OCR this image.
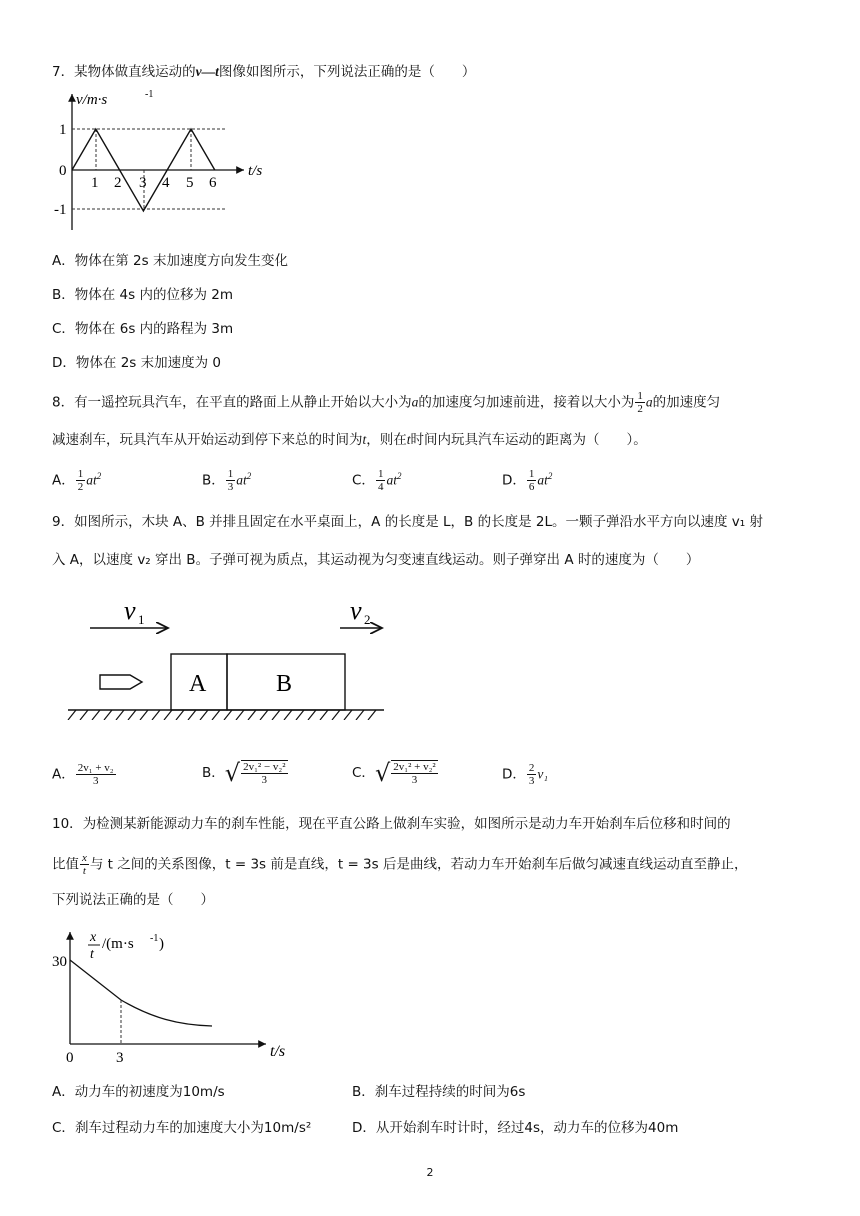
7．某物体做直线运动的v—t图像如图所示，下列说法正确的是（　　）
v/m·s	-1
t/s
1
0
-1
1 2 3 4 5 6
A．物体在第 2s 末加速度方向发生变化
B．物体在 4s 内的位移为 2m
C．物体在 6s 内的路程为 3m
D．物体在 2s 末加速度为 0
8．有一遥控玩具汽车，在平直的路面上从静止开始以大小为a的加速度匀加速前进，接着以大小为 $\frac{1}{2}$ a的加速度匀
减速刹车，玩具汽车从开始运动到停下来总的时间为t，则在t时间内玩具汽车运动的距离为（　　）。
A． $\frac{1}{2} at^2$	B． $\frac{1}{3} at^2$	C． $\frac{1}{4} at^2$	D． $\frac{1}{6} at^2$
9．如图所示，木块 A、B 并排且固定在水平桌面上，A 的长度是 L，B 的长度是 2L。一颗子弹沿水平方向以速度 v₁ 射
入 A，以速度 v₂ 穿出 B。子弹可视为质点，其运动视为匀变速直线运动。则子弹穿出 A 时的速度为（　　）
v 1	v 2
A	B
A． $\frac{\text{2v₁ + v₂}}{3}$	B．√ $\frac{\text{2v₁² − v₂²}}{3}$	C．√ $\frac{\text{2v₁² + v₂²}}{3}$	D． $\frac{2}{3} v_1$
10．为检测某新能源动力车的刹车性能，现在平直公路上做刹车实验，如图所示是动力车开始刹车后位移和时间的
比值 $\frac{x}{t}$ 与 t 之间的关系图像，t = 3s 前是直线，t = 3s 后是曲线，若动力车开始刹车后做匀减速直线运动直至静止，
下列说法正确的是（　　）
x
t
/(m·s -1 )
30
0	3	t/s
A．动力车的初速度为10m/s	B．刹车过程持续的时间为6s
C．刹车过程动力车的加速度大小为10m/s²	D．从开始刹车时计时，经过4s，动力车的位移为40m
2
